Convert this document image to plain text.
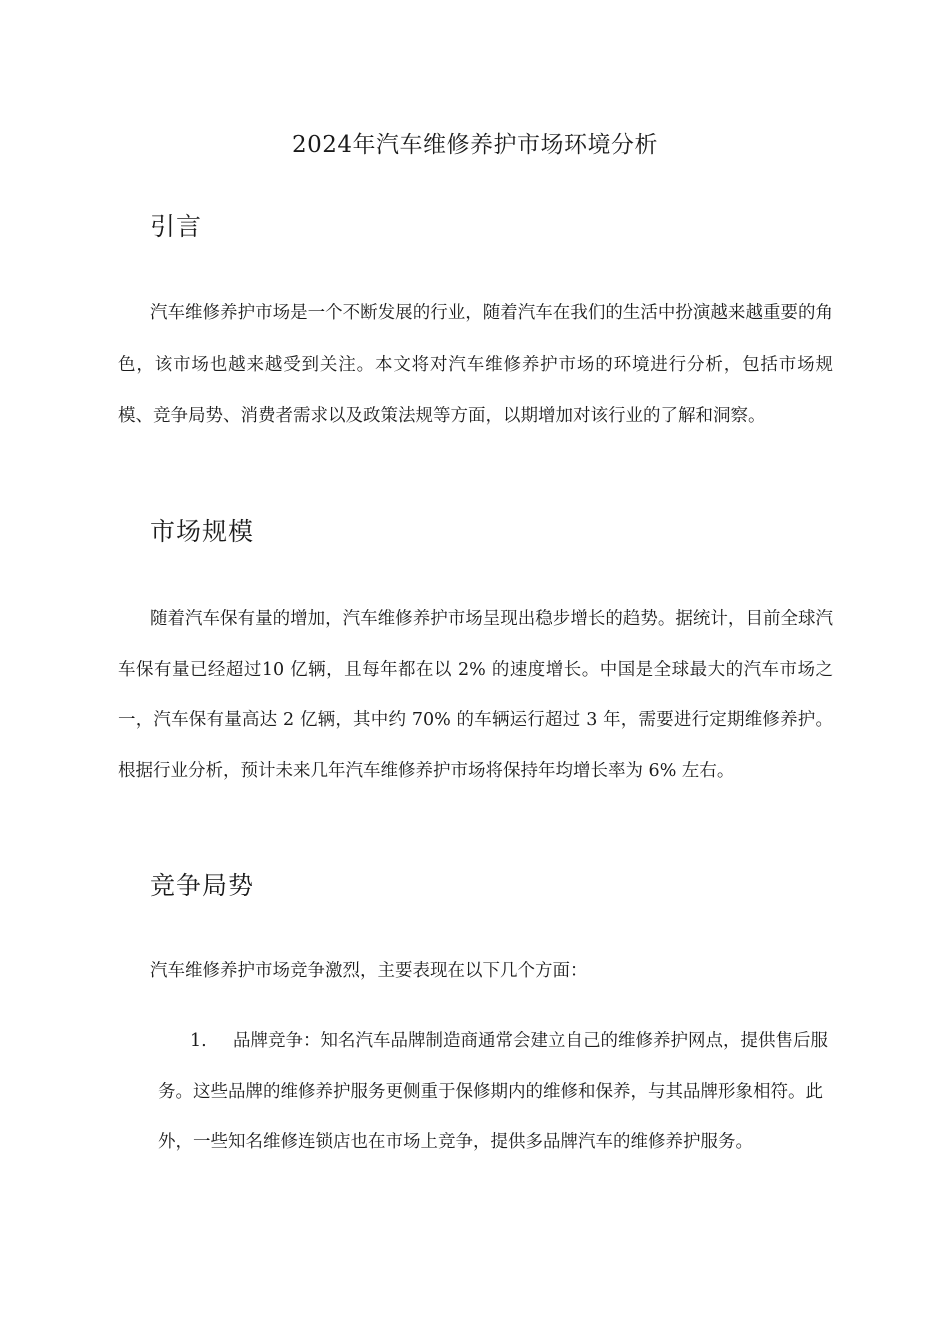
2024年汽车维修养护市场环境分析
引言

汽车维修养护市场是一个不断发展的行业，随着汽车在我们的生活中扮演越来越重要的角色，该市场也越来越受到关注。本文将对汽车维修养护市场的环境进行分析，包括市场规模、竞争局势、消费者需求以及政策法规等方面，以期增加对该行业的了解和洞察。

市场规模

随着汽车保有量的增加，汽车维修养护市场呈现出稳步增长的趋势。据统计，目前全球汽车保有量已经超过10 亿辆，且每年都在以 2% 的速度增长。中国是全球最大的汽车市场之一，汽车保有量高达 2 亿辆，其中约 70% 的车辆运行超过 3 年，需要进行定期维修养护。根据行业分析，预计未来几年汽车维修养护市场将保持年均增长率为 6% 左右。

竞争局势

汽车维修养护市场竞争激烈，主要表现在以下几个方面：

1. 品牌竞争：知名汽车品牌制造商通常会建立自己的维修养护网点，提供售后服务。这些品牌的维修养护服务更侧重于保修期内的维修和保养，与其品牌形象相符。此外，一些知名维修连锁店也在市场上竞争，提供多品牌汽车的维修养护服务。
